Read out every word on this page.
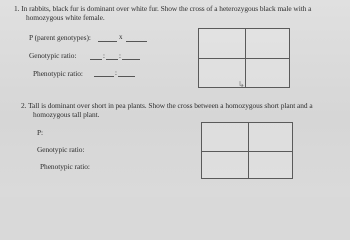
1. In rabbits, black fur is dominant over white fur. Show the cross of a heterozygous black male with a
homozygous white female.
P (parent genotypes):	x
Genotypic ratio:	: :
Phenotypic ratio:	:
↳
2. Tall is dominant over short in pea plants. Show the cross between a homozygous short plant and a
homozygous tall plant.
P:
Genotypic ratio:
Phenotypic ratio:
